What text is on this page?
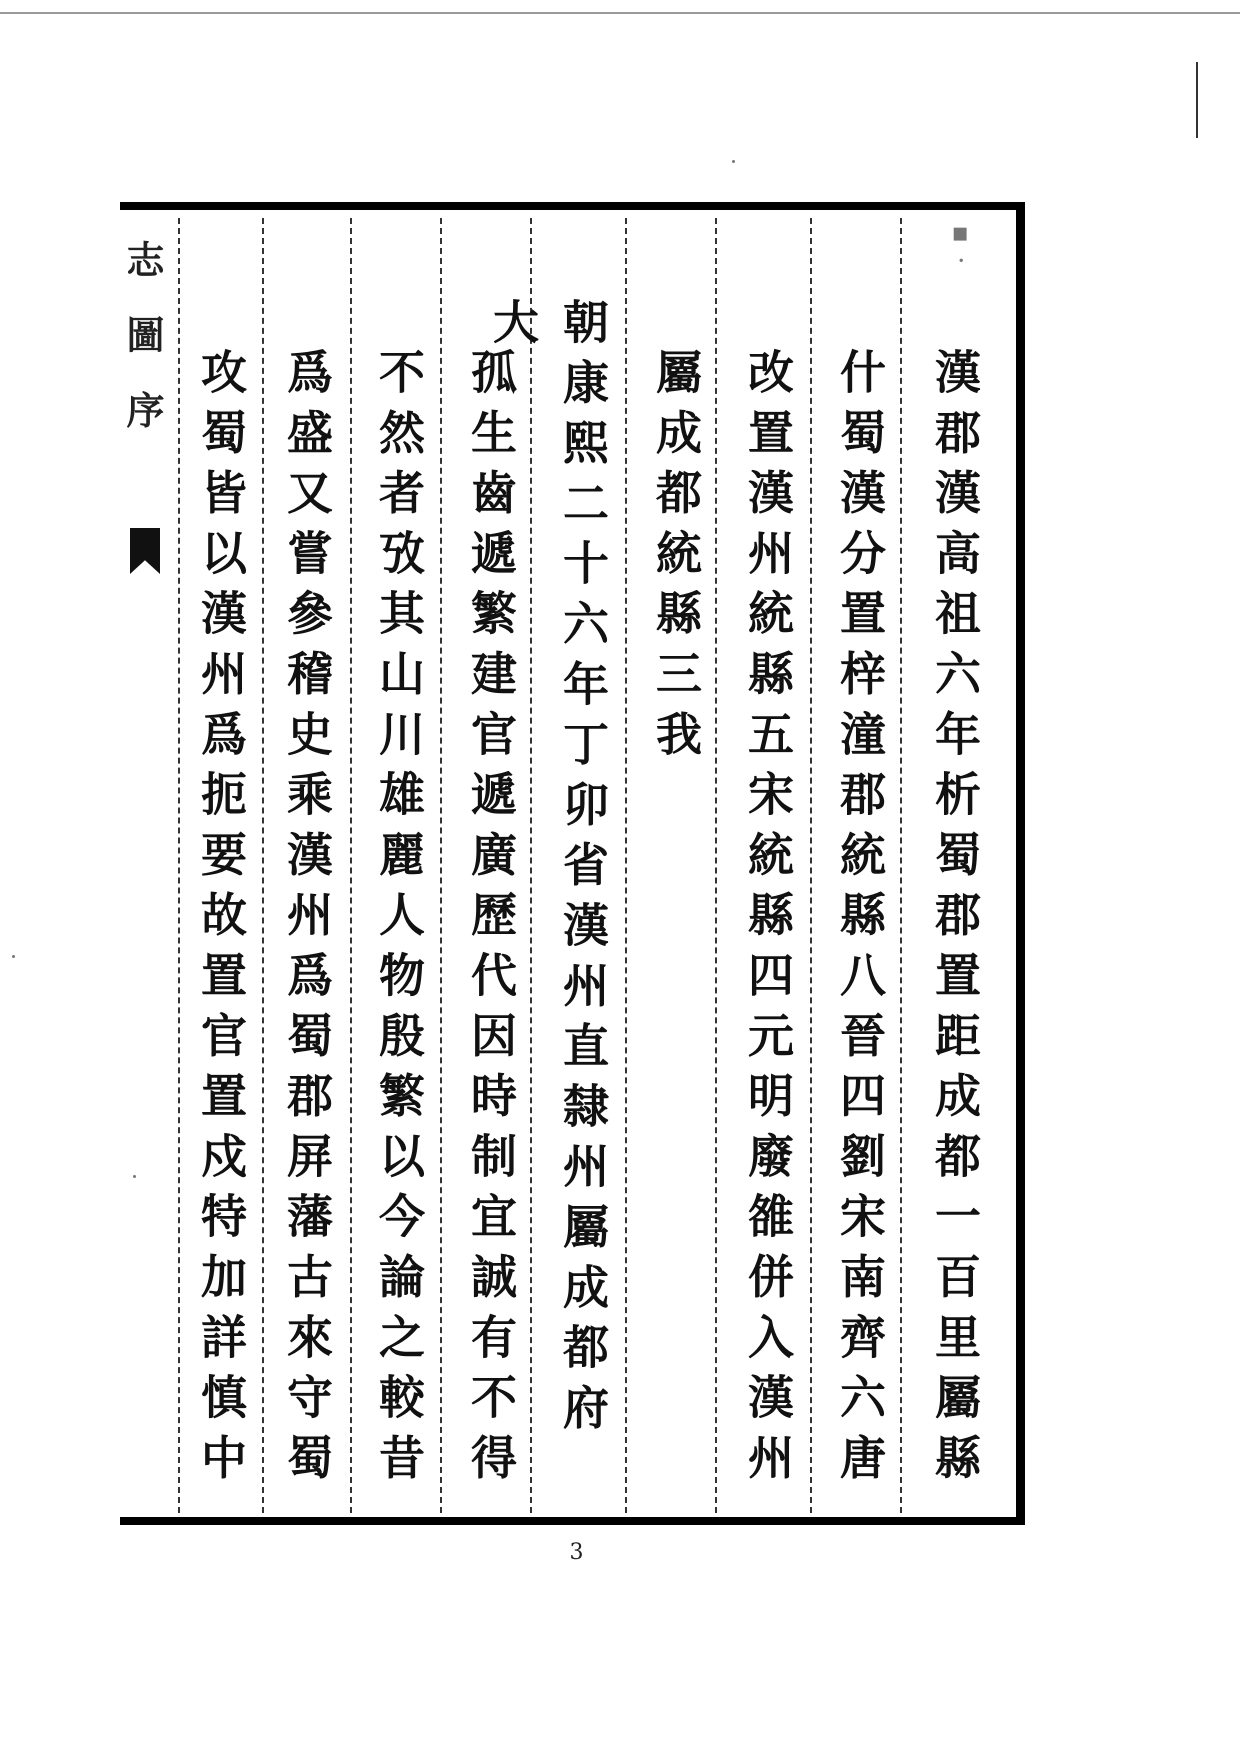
▪ ·
志 圖 序
漢郡漢高祖六年析蜀郡置距成都一百里屬縣
什蜀漢分置梓潼郡統縣八晉四劉宋南齊六唐
改置漢州統縣五宋統縣四元明廢雒併入漢州
屬成都統縣三我
朝康熙二十六年丁卯省漢州直隸州屬成都府大
孤生齒遞繁建官遞廣歷代因時制宜誠有不得
不然者攷其山川雄麗人物殷繁以今論之較昔
爲盛又嘗參稽史乘漢州爲蜀郡屏藩古來守蜀
攻蜀皆以漢州爲扼要故置官置戍特加詳慎中
3
